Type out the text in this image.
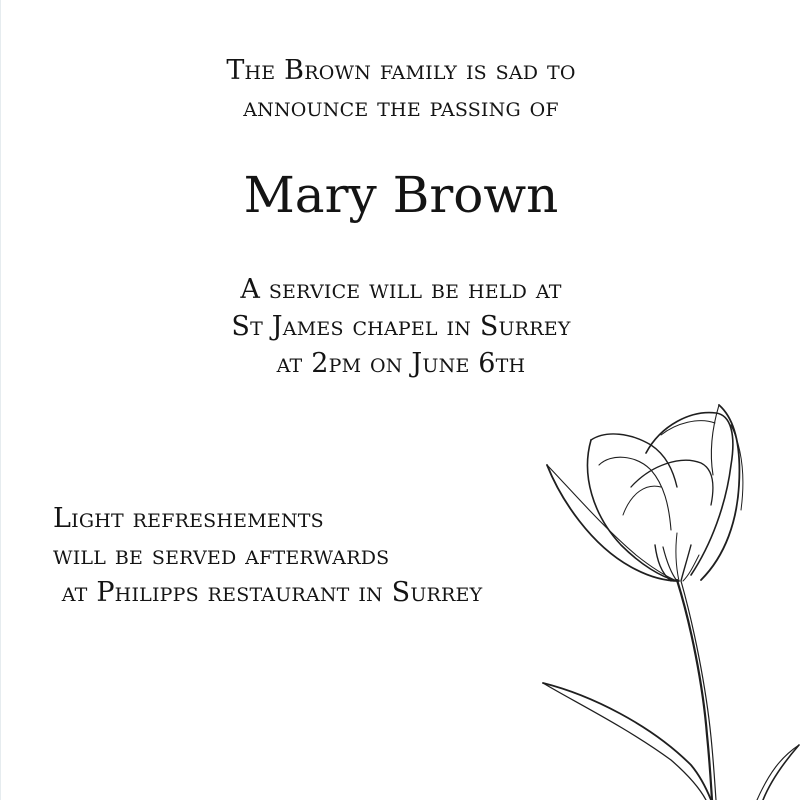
The Brown family is sad to
announce the passing of
Mary Brown
A service will be held at
St James chapel in Surrey
at 2pm on June 6th
Light refreshements
will be served afterwards
at Philipps restaurant in Surrey
